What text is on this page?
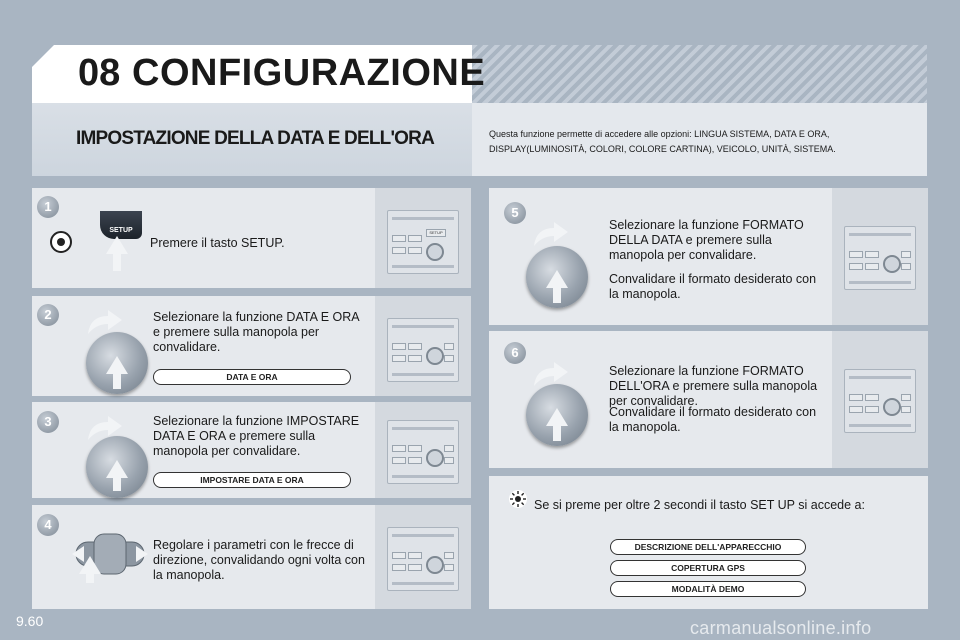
08 CONFIGURAZIONE
IMPOSTAZIONE DELLA DATA E DELL'ORA	Questa funzione permette di accedere alle opzioni: LINGUA SISTEMA, DATA E ORA, DISPLAY(LUMINOSITÀ, COLORI, COLORE CARTINA), VEICOLO, UNITÀ, SISTEMA.
SETUP
1
SETUP
Premere il tasto SETUP.
2	Selezionare la funzione DATA E ORA e premere sulla manopola per convalidare.
DATA E ORA
3	Selezionare la funzione IMPOSTARE DATA E ORA e premere sulla manopola per convalidare.
IMPOSTARE DATA E ORA
4
Regolare i parametri con le frecce di direzione, convalidando ogni volta con la manopola.
5
Selezionare la funzione FORMATO DELLA DATA e premere sulla manopola per convalidare.
Convalidare il formato desiderato con la manopola.
6
Selezionare la funzione FORMATO DELL'ORA e premere sulla manopola per convalidare.
Convalidare il formato desiderato con la manopola.
Se si preme per oltre 2 secondi il tasto SET UP si accede a:
DESCRIZIONE DELL'APPARECCHIO
COPERTURA GPS
MODALITÀ DEMO
9.60	carmanualsonline.info
